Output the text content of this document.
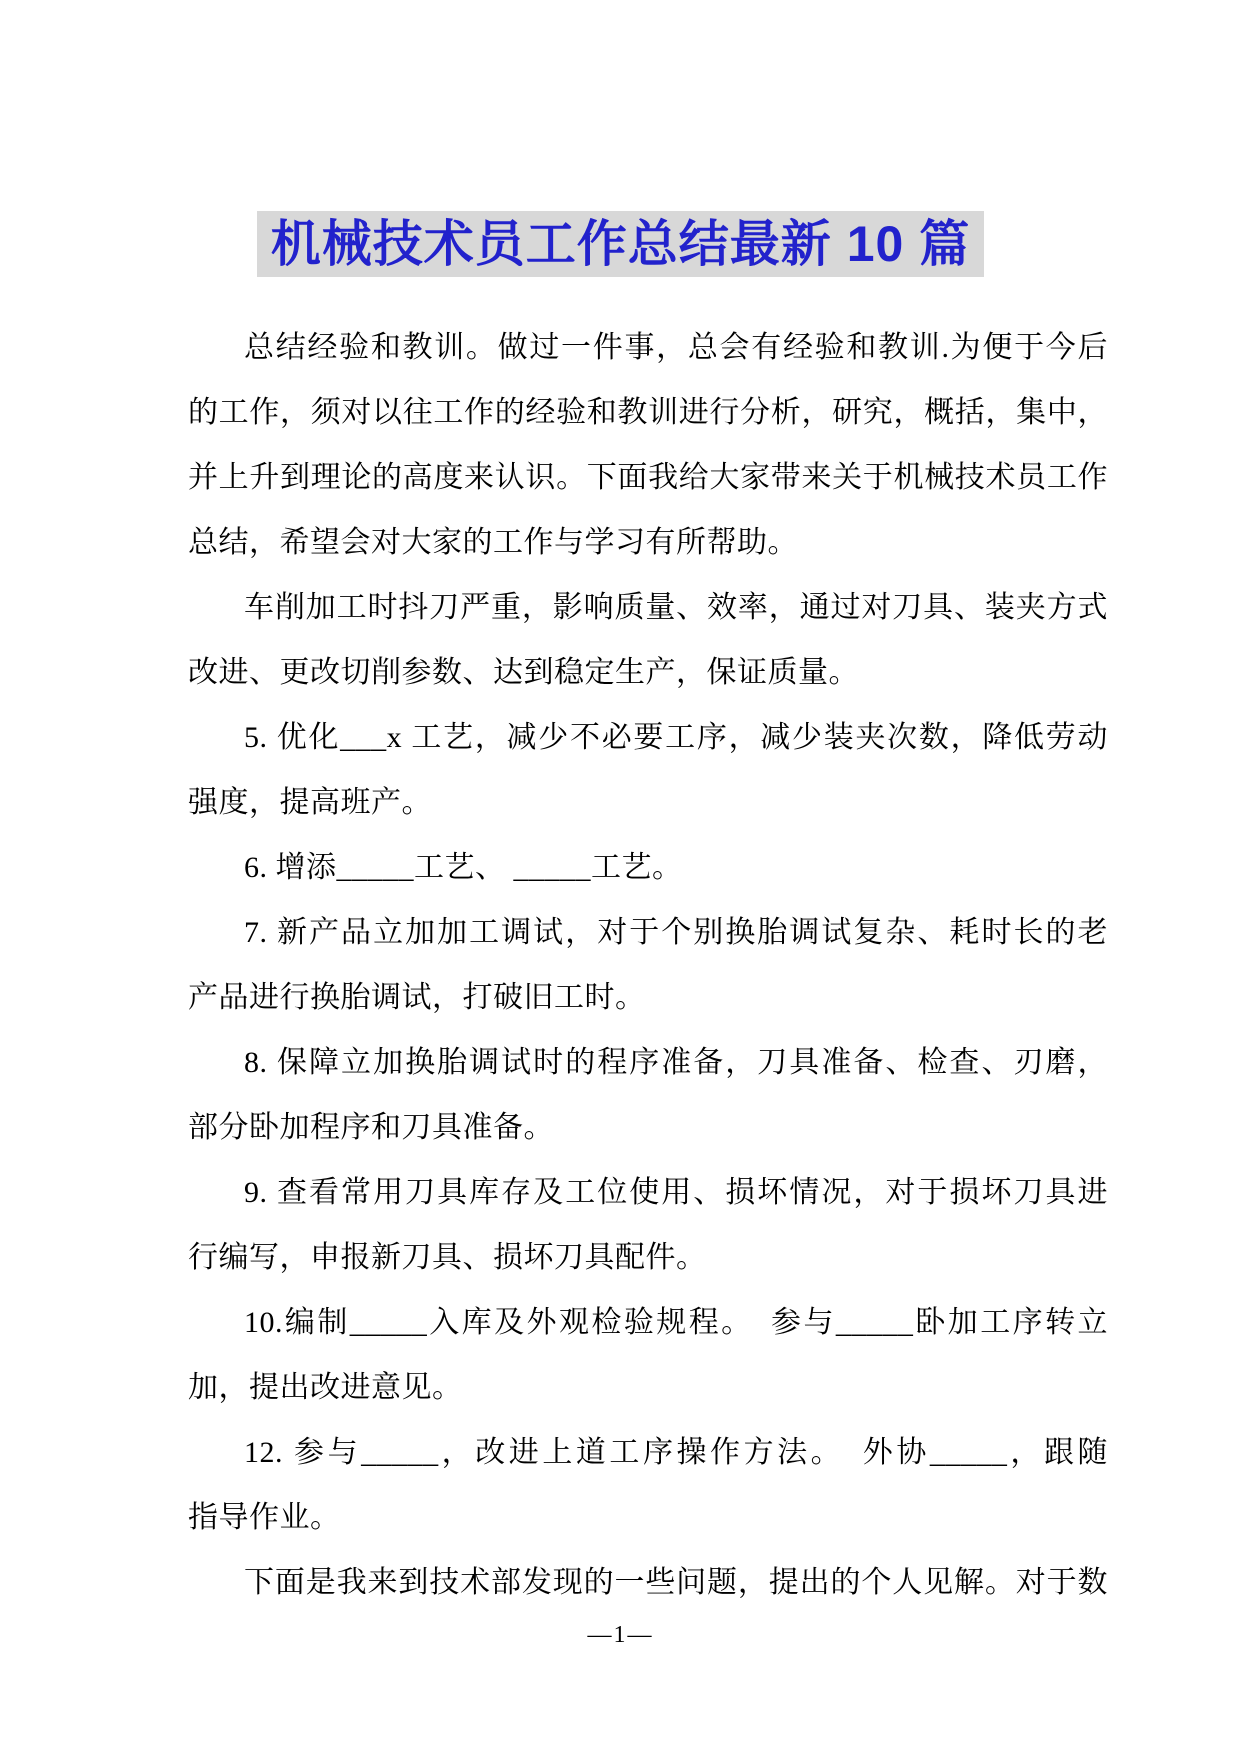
机械技术员工作总结最新 10 篇
总结经验和教训。做过一件事，总会有经验和教训.为便于今后
的工作，须对以往工作的经验和教训进行分析，研究，概括，集中，
并上升到理论的高度来认识。下面我给大家带来关于机械技术员工作
总结，希望会对大家的工作与学习有所帮助。
车削加工时抖刀严重，影响质量、效率，通过对刀具、装夹方式
改进、更改切削参数、达到稳定生产，保证质量。
5. 优化___x 工艺，减少不必要工序，减少装夹次数，降低劳动
强度，提高班产。
6. 增添_____工艺、 _____工艺。
7. 新产品立加加工调试，对于个别换胎调试复杂、耗时长的老
产品进行换胎调试，打破旧工时。
8. 保障立加换胎调试时的程序准备，刀具准备、检查、刃磨，
部分卧加程序和刀具准备。
9. 查看常用刀具库存及工位使用、损坏情况，对于损坏刀具进
行编写，申报新刀具、损坏刀具配件。
10.编制_____入库及外观检验规程。　参与_____卧加工序转立
加，提出改进意见。
12. 参与_____，改进上道工序操作方法。　外协_____，跟随
指导作业。
下面是我来到技术部发现的一些问题，提出的个人见解。对于数
—1—
